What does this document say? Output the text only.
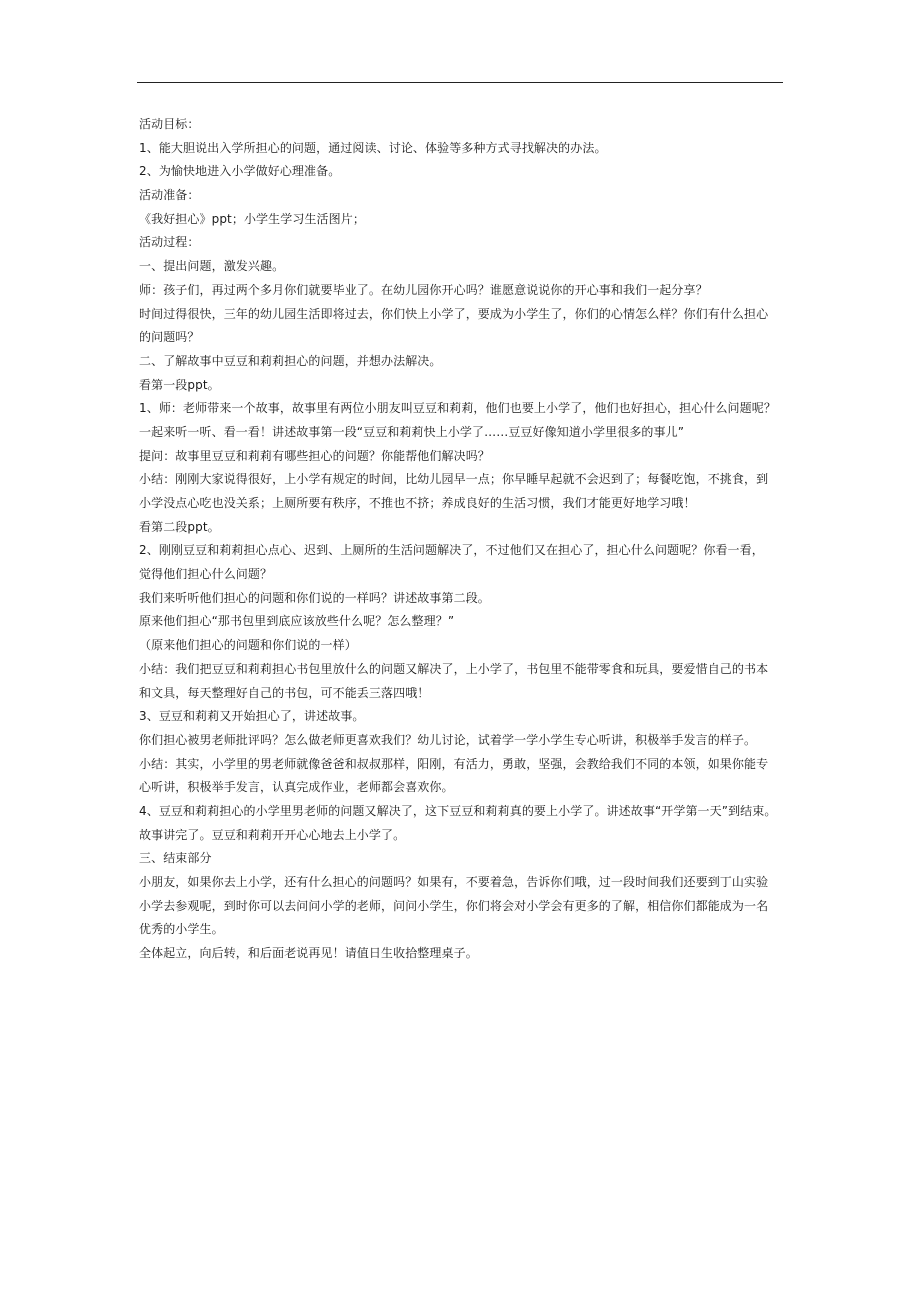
活动目标：
1、能大胆说出入学所担心的问题，通过阅读、讨论、体验等多种方式寻找解决的办法。
2、为愉快地进入小学做好心理准备。
活动准备：
《我好担心》ppt；小学生学习生活图片；
活动过程：
一、提出问题，激发兴趣。
师：孩子们，再过两个多月你们就要毕业了。在幼儿园你开心吗？谁愿意说说你的开心事和我们一起分享？
时间过得很快，三年的幼儿园生活即将过去，你们快上小学了，要成为小学生了，你们的心情怎么样？你们有什么担心
的问题吗？
二、了解故事中豆豆和莉莉担心的问题，并想办法解决。
看第一段ppt。
1、师：老师带来一个故事，故事里有两位小朋友叫豆豆和莉莉，他们也要上小学了，他们也好担心，担心什么问题呢？
一起来听一听、看一看！讲述故事第一段“豆豆和莉莉快上小学了……豆豆好像知道小学里很多的事儿”
提问：故事里豆豆和莉莉有哪些担心的问题？你能帮他们解决吗？
小结：刚刚大家说得很好，上小学有规定的时间，比幼儿园早一点；你早睡早起就不会迟到了；每餐吃饱，不挑食，到
小学没点心吃也没关系；上厕所要有秩序，不推也不挤；养成良好的生活习惯，我们才能更好地学习哦！
看第二段ppt。
2、刚刚豆豆和莉莉担心点心、迟到、上厕所的生活问题解决了，不过他们又在担心了，担心什么问题呢？你看一看，
觉得他们担心什么问题？
我们来听听他们担心的问题和你们说的一样吗？讲述故事第二段。
原来他们担心“那书包里到底应该放些什么呢？怎么整理？”
（原来他们担心的问题和你们说的一样）
小结：我们把豆豆和莉莉担心书包里放什么的问题又解决了，上小学了，书包里不能带零食和玩具，要爱惜自己的书本
和文具，每天整理好自己的书包，可不能丢三落四哦！
3、豆豆和莉莉又开始担心了，讲述故事。
你们担心被男老师批评吗？怎么做老师更喜欢我们？幼儿讨论，试着学一学小学生专心听讲，积极举手发言的样子。
小结：其实，小学里的男老师就像爸爸和叔叔那样，阳刚，有活力，勇敢，坚强，会教给我们不同的本领，如果你能专
心听讲，积极举手发言，认真完成作业，老师都会喜欢你。
4、豆豆和莉莉担心的小学里男老师的问题又解决了，这下豆豆和莉莉真的要上小学了。讲述故事“开学第一天”到结束。
故事讲完了。豆豆和莉莉开开心心地去上小学了。
三、结束部分
小朋友，如果你去上小学，还有什么担心的问题吗？如果有，不要着急，告诉你们哦，过一段时间我们还要到丁山实验
小学去参观呢，到时你可以去问问小学的老师，问问小学生，你们将会对小学会有更多的了解，相信你们都能成为一名
优秀的小学生。
全体起立，向后转，和后面老说再见！请值日生收拾整理桌子。
